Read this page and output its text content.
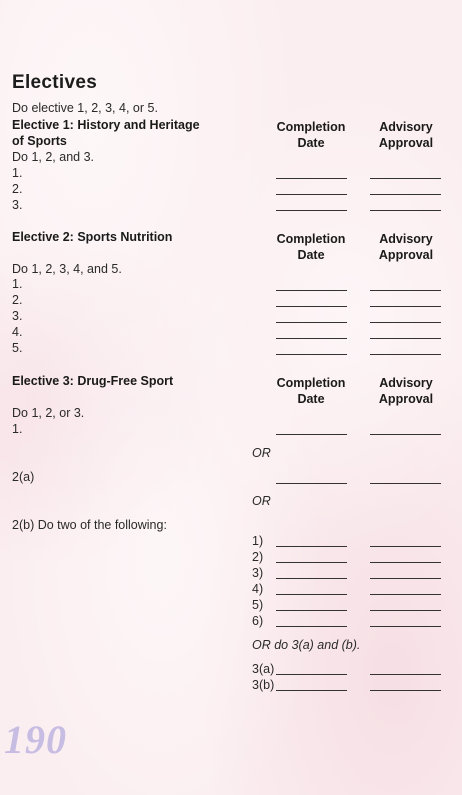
Electives
Do elective 1, 2, 3, 4, or 5.
Elective 1: History and Heritage
of Sports
Completion
Date
Advisory
Approval
Do 1, 2, and 3.
1.
2.
3.
Elective 2: Sports Nutrition	Completion
Date
Advisory
Approval
Do 1, 2, 3, 4, and 5.
1.
2.
3.
4.
5.
Elective 3: Drug-Free Sport	Completion
Date
Advisory
Approval
Do 1, 2, or 3.
1.
OR
2(a)
OR
2(b) Do two of the following:
1)
2)
3)
4)
5)
6)
OR do 3(a) and (b).
3(a)
3(b)
190
